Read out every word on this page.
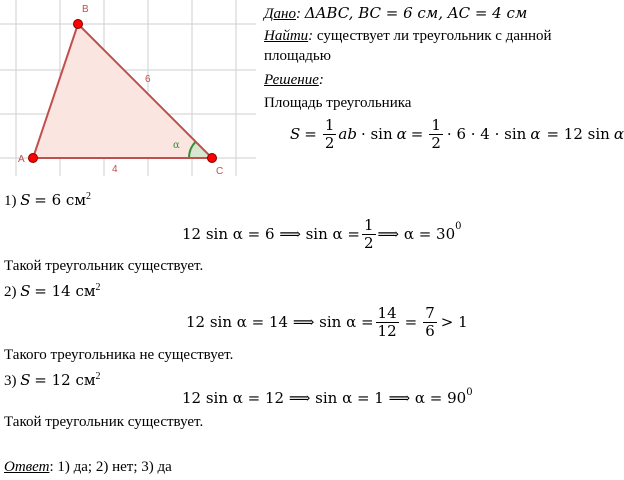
A
B
C
6
4
α
Дано: ΔABC, BC = 6 см, AC = 4 см
Найти: существует ли треугольник с данной
площадью
Решение:
Площадь треугольника
$S = \frac{1}{2}$ ab · $\sin \alpha = \frac{1}{2} \cdot 6 \cdot 4 \cdot \sin \alpha = 12$ sin α
1) S = 6 $см^2$
12 sin α = 6 ⟹ $\sin \alpha = \frac{1}{2}$ ⟹ $\alpha = 30^0$
Такой треугольник существует.
2) S = 14 $см^2$
12 sin α = 14 ⟹ $\sin \alpha = \frac{14}{12} = \frac{7}{6} > 1$
Такого треугольника не существует.
3) S = 12 $см^2$
12 sin α = 12 ⟹ sin α = 1 ⟹ $\alpha = 90^0$
Такой треугольник существует.
Ответ: 1) да; 2) нет; 3) да
